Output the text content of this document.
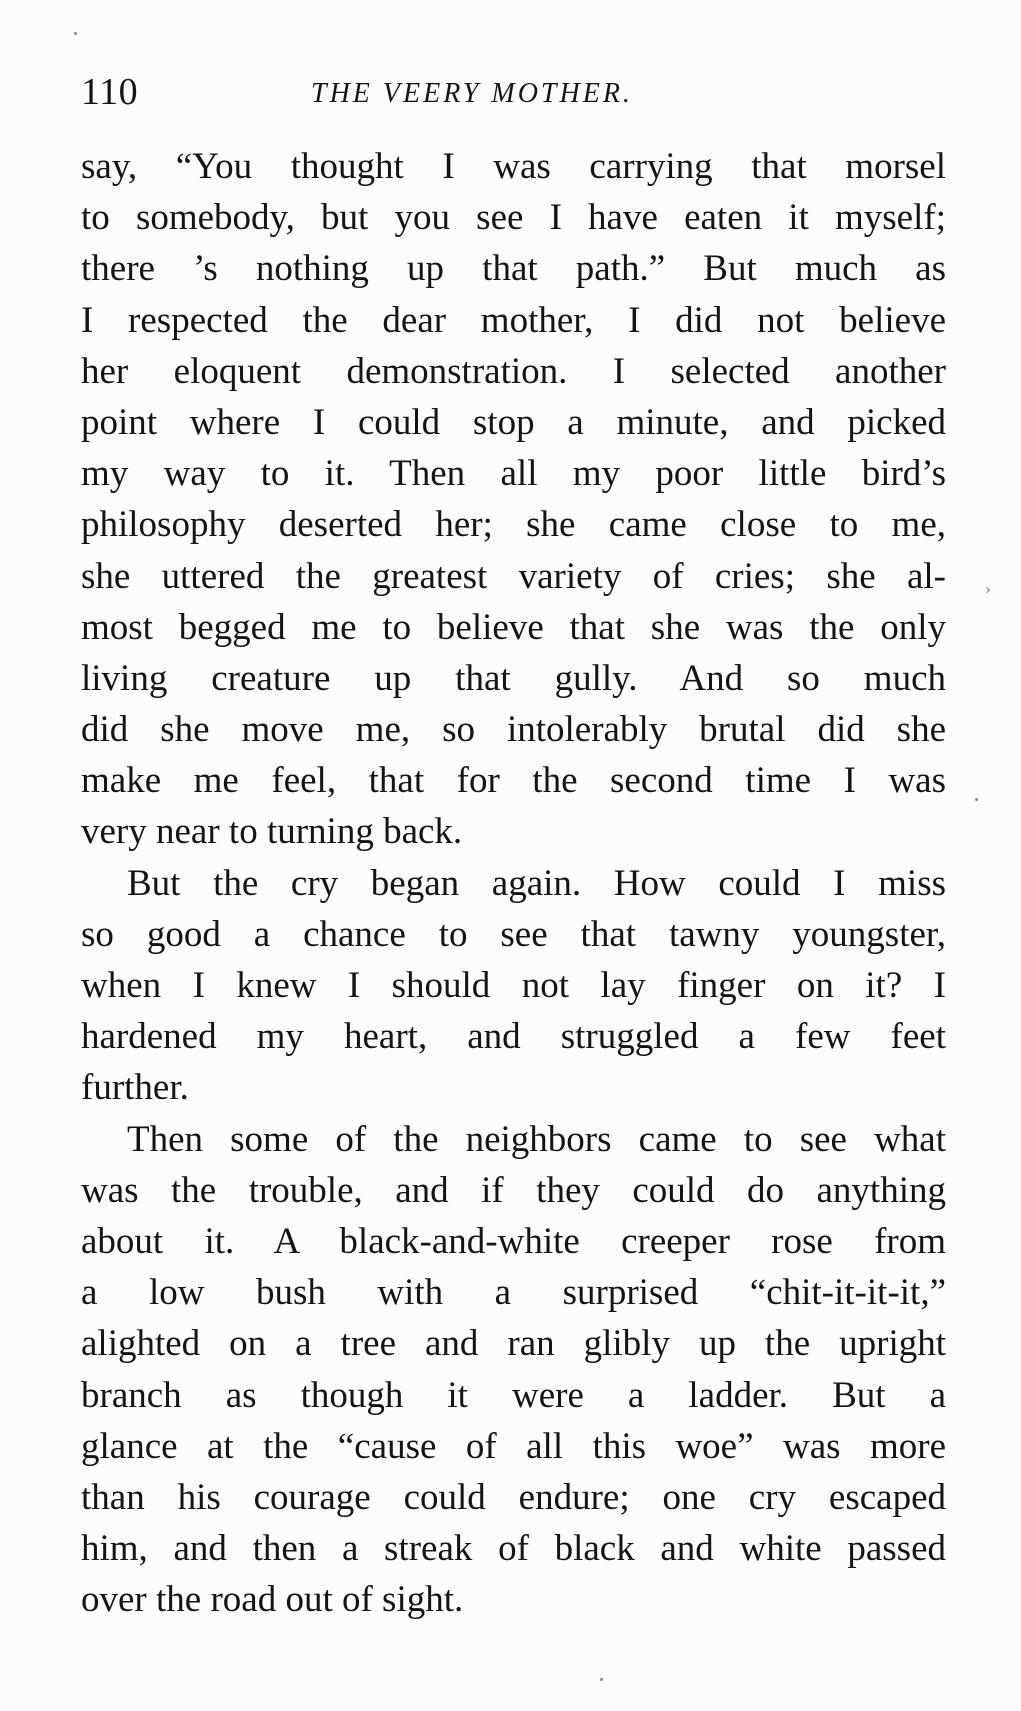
110	THE VEERY MOTHER.
say, “You thought I was carrying that morsel
to somebody, but you see I have eaten it myself;
there ’s nothing up that path.” But much as
I respected the dear mother, I did not believe
her eloquent demonstration. I selected another
point where I could stop a minute, and picked
my way to it. Then all my poor little bird’s
philosophy deserted her; she came close to me,
she uttered the greatest variety of cries; she al-
most begged me to believe that she was the only
living creature up that gully. And so much
did she move me, so intolerably brutal did she
make me feel, that for the second time I was
very near to turning back.
But the cry began again. How could I miss
so good a chance to see that tawny youngster,
when I knew I should not lay finger on it? I
hardened my heart, and struggled a few feet
further.
Then some of the neighbors came to see what
was the trouble, and if they could do anything
about it. A black-and-white creeper rose from
a low bush with a surprised “chit-it-it-it,”
alighted on a tree and ran glibly up the upright
branch as though it were a ladder. But a
glance at the “cause of all this woe” was more
than his courage could endure; one cry escaped
him, and then a streak of black and white passed
over the road out of sight.
›
